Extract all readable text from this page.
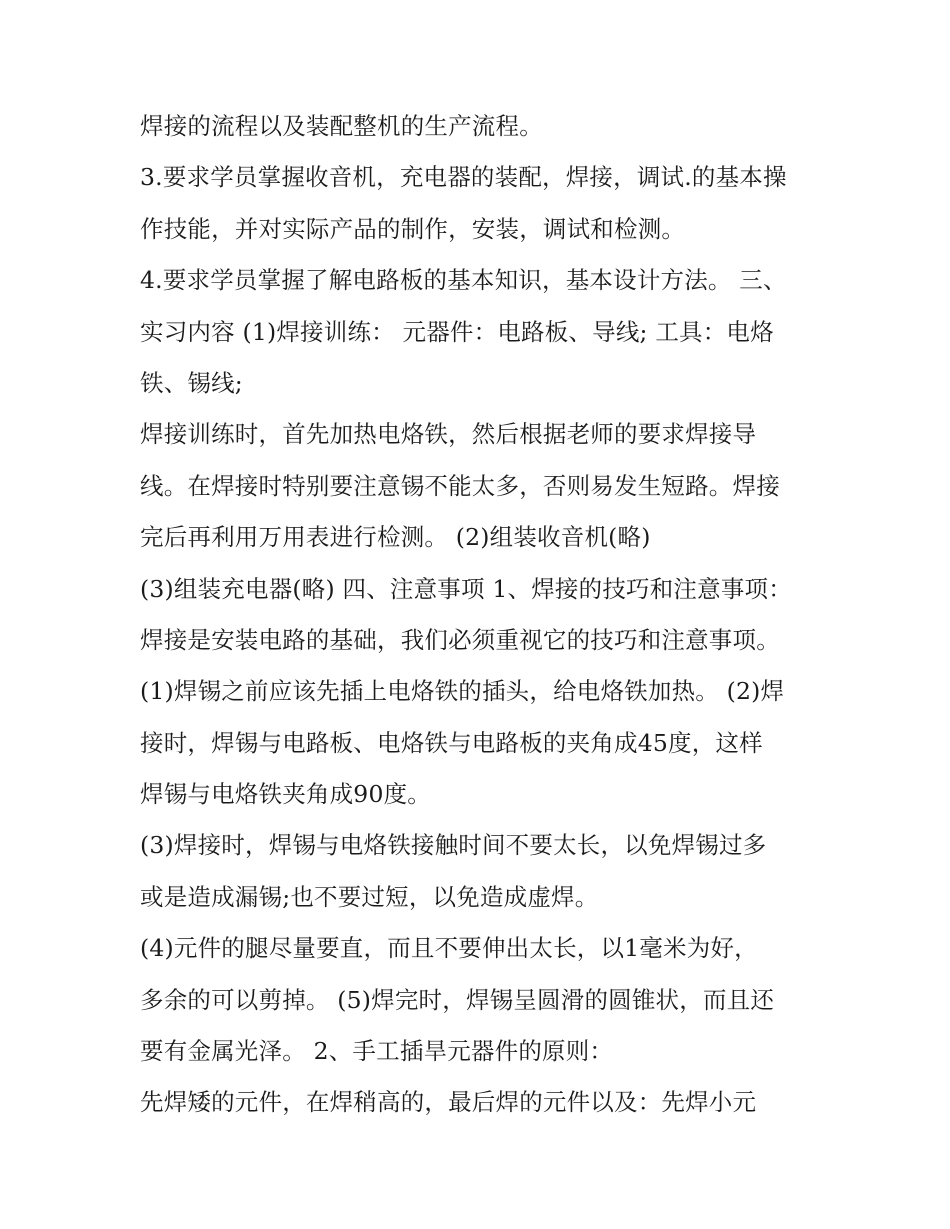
焊接的流程以及装配整机的生产流程。
3.要求学员掌握收音机，充电器的装配，焊接，调试.的基本操
作技能，并对实际产品的制作，安装，调试和检测。
4.要求学员掌握了解电路板的基本知识，基本设计方法。 三、
实习内容 (1)焊接训练： 元器件：电路板、导线; 工具：电烙
铁、锡线;
焊接训练时，首先加热电烙铁，然后根据老师的要求焊接导
线。在焊接时特别要注意锡不能太多，否则易发生短路。焊接
完后再利用万用表进行检测。 (2)组装收音机(略)
(3)组装充电器(略) 四、注意事项 1、焊接的技巧和注意事项：
焊接是安装电路的基础，我们必须重视它的技巧和注意事项。
(1)焊锡之前应该先插上电烙铁的插头，给电烙铁加热。 (2)焊
接时，焊锡与电路板、电烙铁与电路板的夹角成45度，这样
焊锡与电烙铁夹角成90度。
(3)焊接时，焊锡与电烙铁接触时间不要太长，以免焊锡过多
或是造成漏锡;也不要过短，以免造成虚焊。
(4)元件的腿尽量要直，而且不要伸出太长，以1毫米为好，
多余的可以剪掉。 (5)焊完时，焊锡呈圆滑的圆锥状，而且还
要有金属光泽。 2、手工插旱元器件的原则：
先焊矮的元件，在焊稍高的，最后焊的元件以及：先焊小元
